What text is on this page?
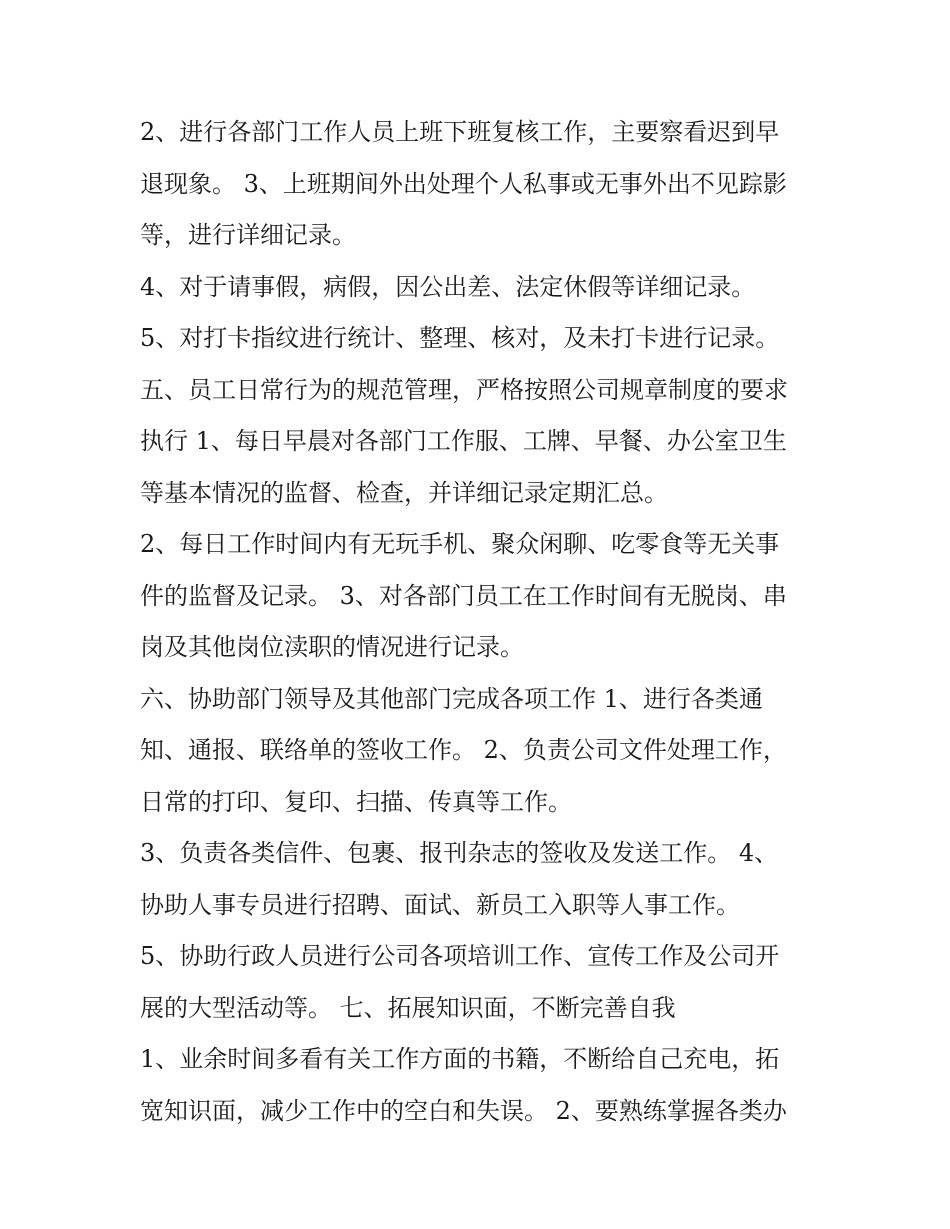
2、进行各部门工作人员上班下班复核工作，主要察看迟到早
退现象。 3、上班期间外出处理个人私事或无事外出不见踪影
等，进行详细记录。

4、对于请事假，病假，因公出差、法定休假等详细记录。

5、对打卡指纹进行统计、整理、核对，及未打卡进行记录。

五、员工日常行为的规范管理，严格按照公司规章制度的要求
执行 1、每日早晨对各部门工作服、工牌、早餐、办公室卫生
等基本情况的监督、检查，并详细记录定期汇总。

2、每日工作时间内有无玩手机、聚众闲聊、吃零食等无关事
件的监督及记录。 3、对各部门员工在工作时间有无脱岗、串
岗及其他岗位渎职的情况进行记录。

六、协助部门领导及其他部门完成各项工作 1、进行各类通
知、通报、联络单的签收工作。 2、负责公司文件处理工作，
日常的打印、复印、扫描、传真等工作。

3、负责各类信件、包裹、报刊杂志的签收及发送工作。 4、
协助人事专员进行招聘、面试、新员工入职等人事工作。

5、协助行政人员进行公司各项培训工作、宣传工作及公司开
展的大型活动等。 七、拓展知识面，不断完善自我

1、业余时间多看有关工作方面的书籍，不断给自己充电，拓
宽知识面，减少工作中的空白和失误。 2、要熟练掌握各类办
